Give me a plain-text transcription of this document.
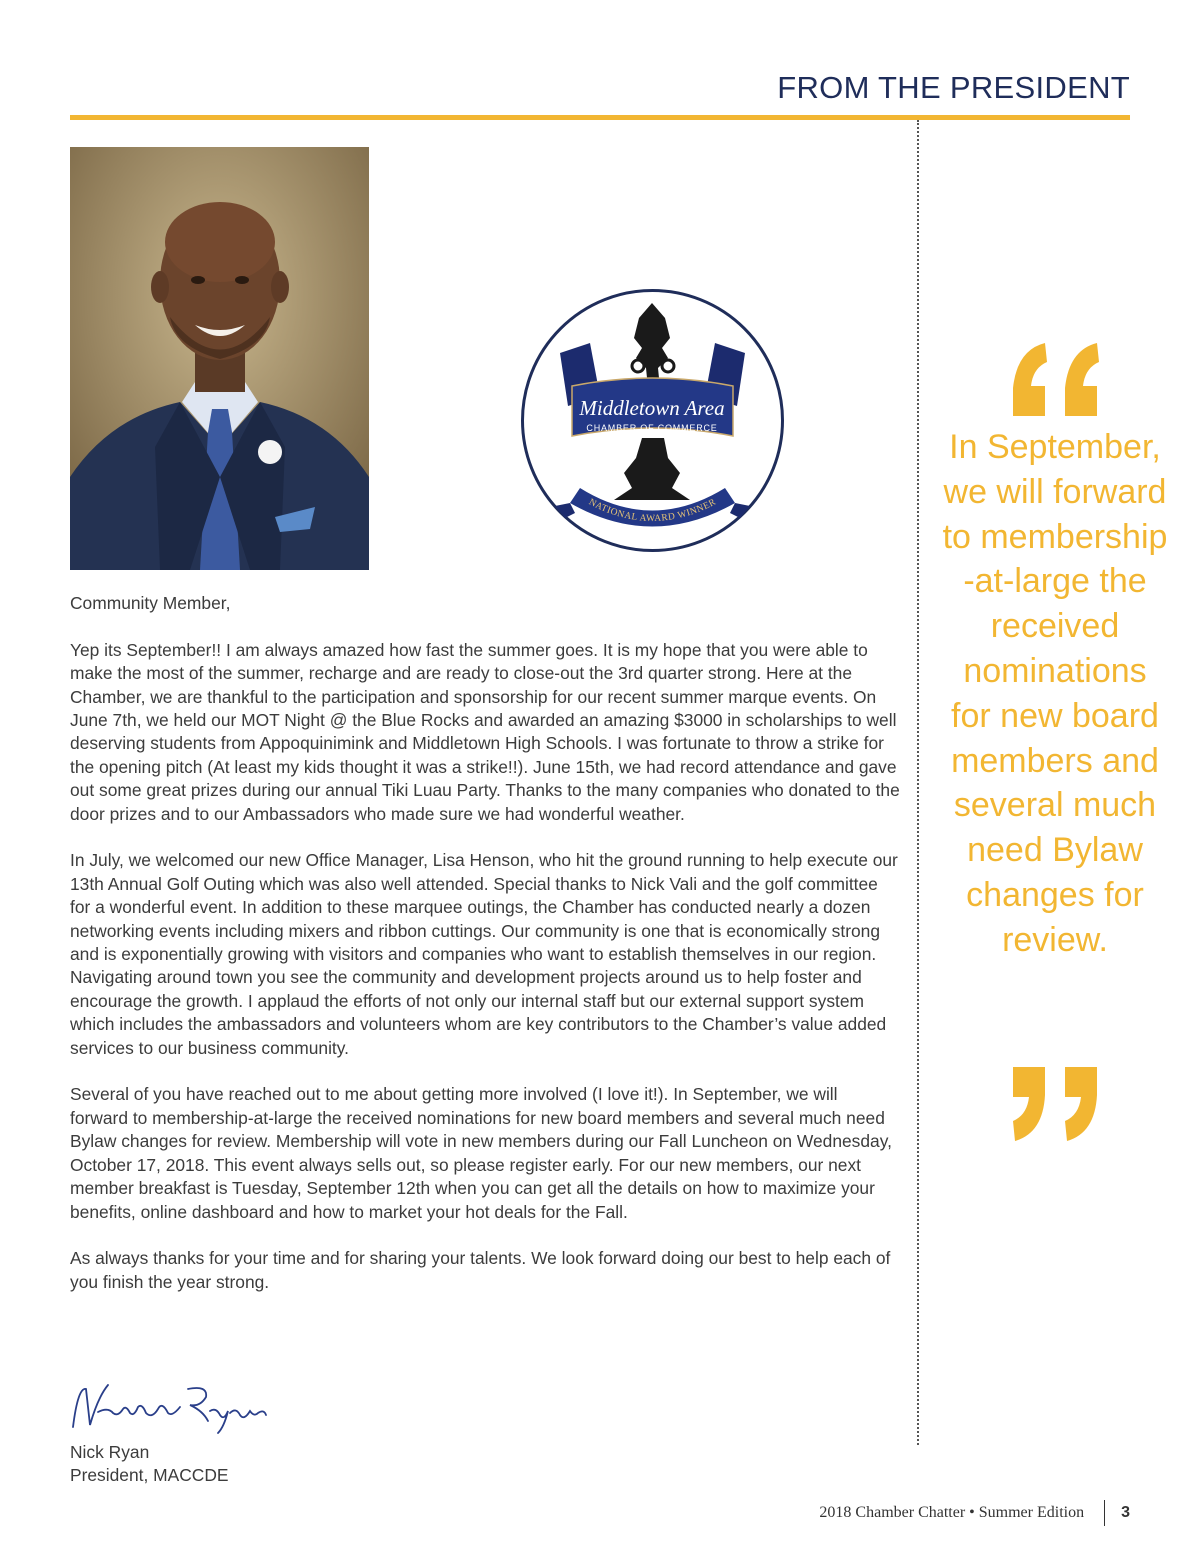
FROM THE PRESIDENT
Middletown Area
CHAMBER OF COMMERCE
NATIONAL AWARD WINNER

Community Member,

Yep its September!! I am always amazed how fast the summer goes. It is my hope that you were able to make the most of the summer, recharge and are ready to close-out the 3rd quarter strong. Here at the Chamber, we are thankful to the participation and sponsorship for our recent summer marque events. On June 7th, we held our MOT Night @ the Blue Rocks and awarded an amazing $3000 in scholarships to well deserving students from Appoquinimink and Middletown High Schools. I was fortunate to throw a strike for the opening pitch (At least my kids thought it was a strike!!). June 15th, we had record attendance and gave out some great prizes during our annual Tiki Luau Party. Thanks to the many companies who donated to the door prizes and to our Ambassadors who made sure we had wonderful weather.

In July, we welcomed our new Office Manager, Lisa Henson, who hit the ground running to help execute our 13th Annual Golf Outing which was also well attended. Special thanks to Nick Vali and the golf committee for a wonderful event. In addition to these marquee outings, the Chamber has conducted nearly a dozen networking events including mixers and ribbon cuttings. Our community is one that is economically strong and is exponentially growing with visitors and companies who want to establish themselves in our region. Navigating around town you see the community and development projects around us to help foster and encourage the growth. I applaud the efforts of not only our internal staff but our external support system which includes the ambassadors and volunteers whom are key contributors to the Chamber’s value added services to our business community.

Several of you have reached out to me about getting more involved (I love it!). In September, we will forward to membership-at-large the received nominations for new board members and several much need Bylaw changes for review. Membership will vote in new members during our Fall Luncheon on Wednesday, October 17, 2018. This event always sells out, so please register early. For our new members, our next member breakfast is Tuesday, September 12th when you can get all the details on how to maximize your benefits, online dashboard and how to market your hot deals for the Fall.

As always thanks for your time and for sharing your talents. We look forward doing our best to help each of you finish the year strong.

Nick Ryan
President, MACCDE
In September, we will forward to membership -at-large the received nominations for new board members and several much need Bylaw changes for review.
2018 Chamber Chatter • Summer Edition 3
